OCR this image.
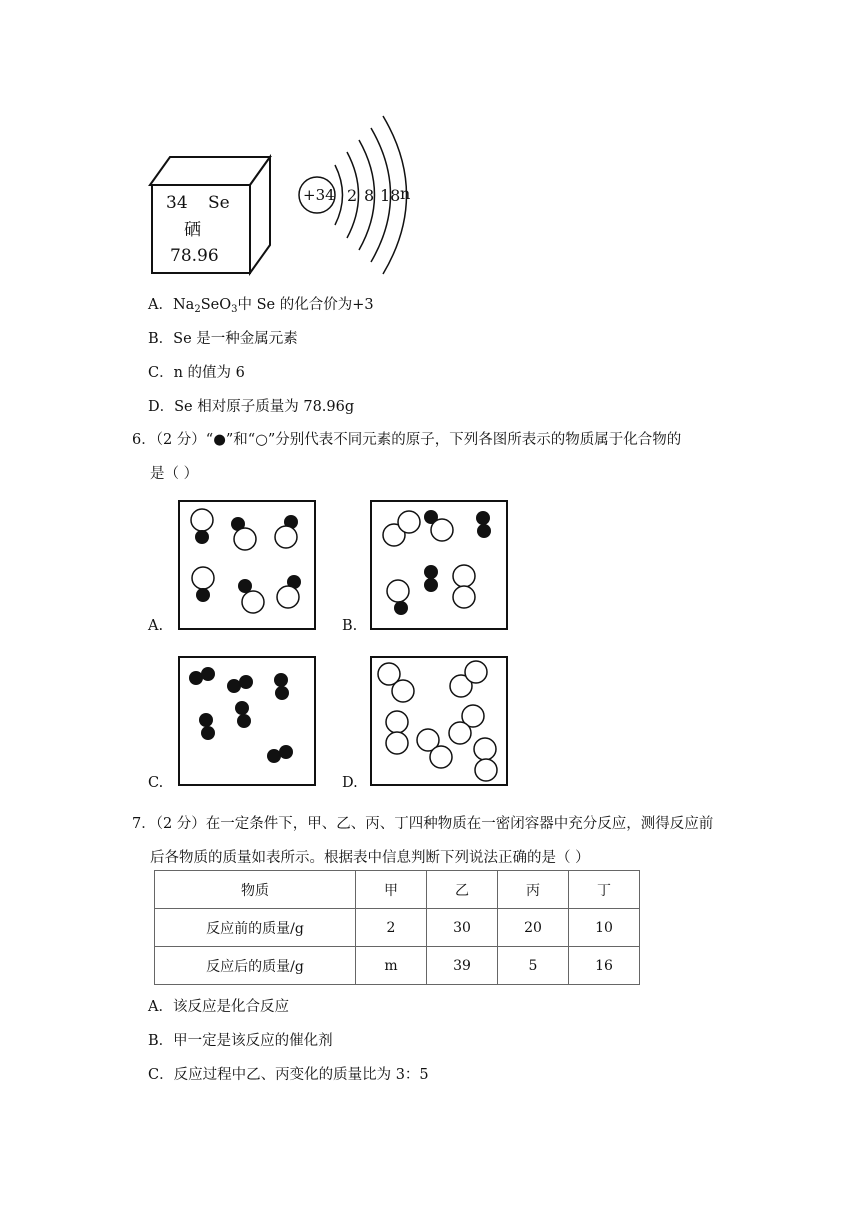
34 Se
硒
78.96
+34 2 8 18 n
A．$Na_2SeO_3$中 Se 的化合价为+3
B．Se 是一种金属元素
C．n 的值为 6
D．Se 相对原子质量为 78.96g
6．（2 分）“●”和“○”分别代表不同元素的原子，下列各图所表示的物质属于化合物的
是（ ）
A.	B.
C.	D.
7．（2 分）在一定条件下，甲、乙、丙、丁四种物质在一密闭容器中充分反应，测得反应前
后各物质的质量如表所示。根据表中信息判断下列说法正确的是（ ）
物质	甲	乙	丙	丁
反应前的质量/g	2	30	20	10
反应后的质量/g	m	39	5	16
A．该反应是化合反应
B．甲一定是该反应的催化剂
C．反应过程中乙、丙变化的质量比为 3：5
